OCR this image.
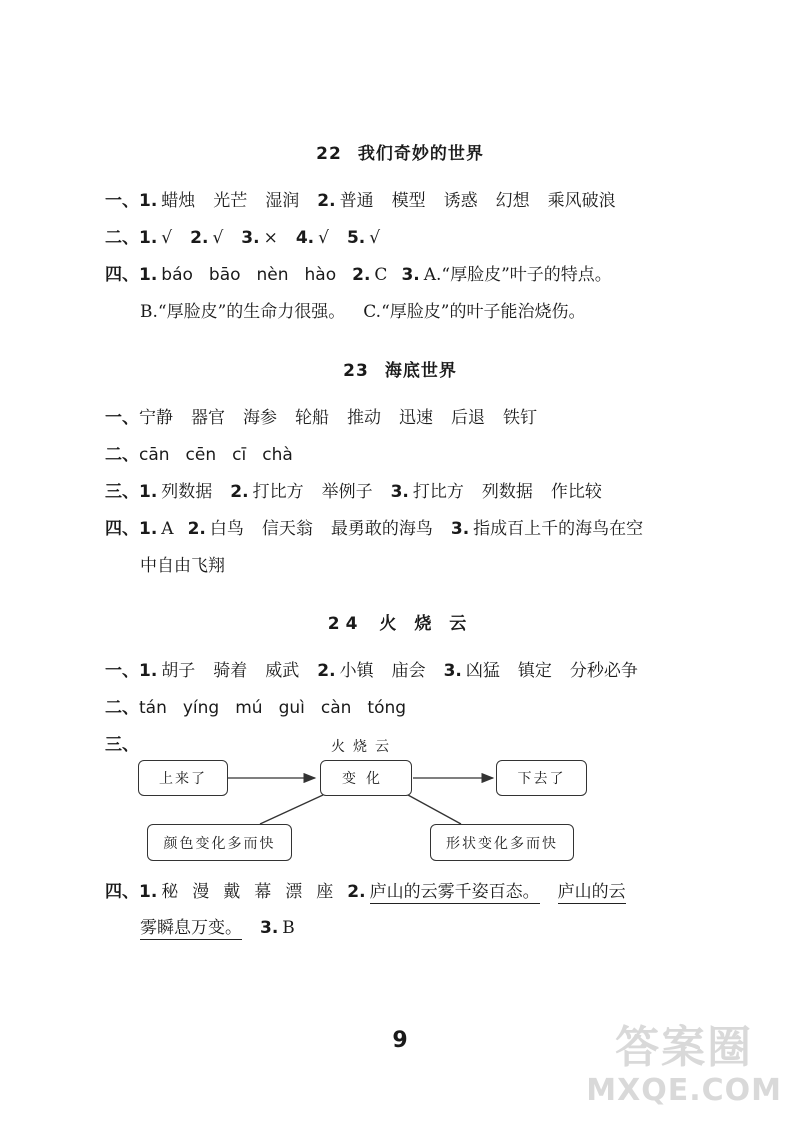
22 我们奇妙的世界
一、1. 蜡烛 光芒 湿润 2. 普通 模型 诱惑 幻想 乘风破浪
二、1. √ 2. √ 3. × 4. √ 5. √
四、1. báo bāo nèn hào 2. C 3. A.“厚脸皮”叶子的特点。
B.“厚脸皮”的生命力很强。 C.“厚脸皮”的叶子能治烧伤。
23 海底世界
一、宁静 器官 海参 轮船 推动 迅速 后退 铁钉
二、cān cēn cī chà
三、1. 列数据 2. 打比方 举例子 3. 打比方 列数据 作比较
四、1. A 2. 白鸟 信天翁 最勇敢的海鸟 3. 指成百上千的海鸟在空
中自由飞翔
24 火 烧 云
一、1. 胡子 骑着 威武 2. 小镇 庙会 3. 凶猛 镇定 分秒必争
二、tán yíng mú guì càn tóng
三、	火烧云
上来了	变化	下去了
颜色变化多而快	形状变化多而快
四、1. 秘 漫 戴 幕 漂 座 2. 庐山的云雾千姿百态。 庐山的云
雾瞬息万变。 3. B
9	答案圈
MXQE.COM
